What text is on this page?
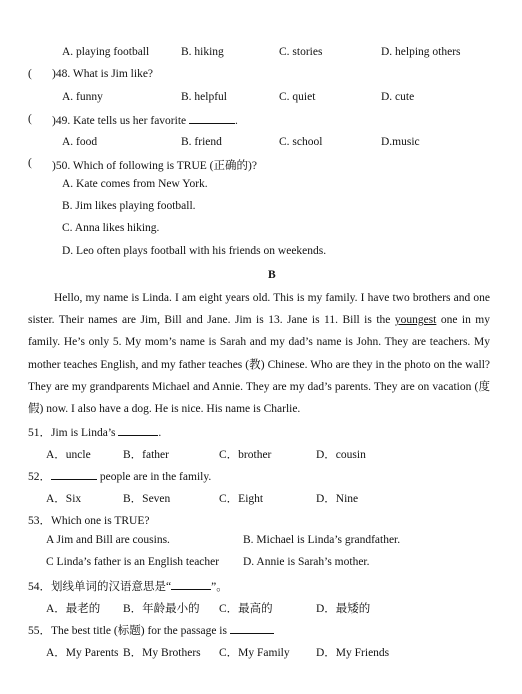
A. playing football	B. hiking	C. stories	D. helping others
( )48. What is Jim like?
A. funny	B. helpful	C. quiet	D. cute
( )49. Kate tells us her favorite	.
A. food	B. friend	C. school	D.music
( )50. Which of following is TRUE (正确的)?
A. Kate comes from New York.
B. Jim likes playing football.
C. Anna likes hiking.
D. Leo often plays football with his friends on weekends.
B
Hello, my name is Linda. I am eight years old. This is my family. I have two brothers and one sister. Their names are Jim, Bill and Jane. Jim is 13. Jane is 11. Bill is the youngest one in my family. He’s only 5. My mom’s name is Sarah and my dad’s name is John. They are teachers. My mother teaches English, and my father teaches (教) Chinese. Who are they in the photo on the wall? They are my grandparents Michael and Annie. They are my dad’s parents. They are on vacation (度假) now. I also have a dog. He is nice. His name is Charlie.
51．Jim is Linda’s	.
A．uncle	B．father	C．brother	D．cousin
52．	people are in the family.
A．Six	B．Seven	C．Eight	D．Nine
53．Which one is TRUE?
A Jim and Bill are cousins.	B. Michael is Linda’s grandfather.
C Linda’s father is an English teacher D. Annie is Sarah’s mother.
54．划线单词的汉语意思是“	”。
A．最老的 B．年龄最小的 C．最高的	D．最矮的
55．The best title (标题) for the passage is
A．My Parents B．My Brothers C．My Family D．My Friends
